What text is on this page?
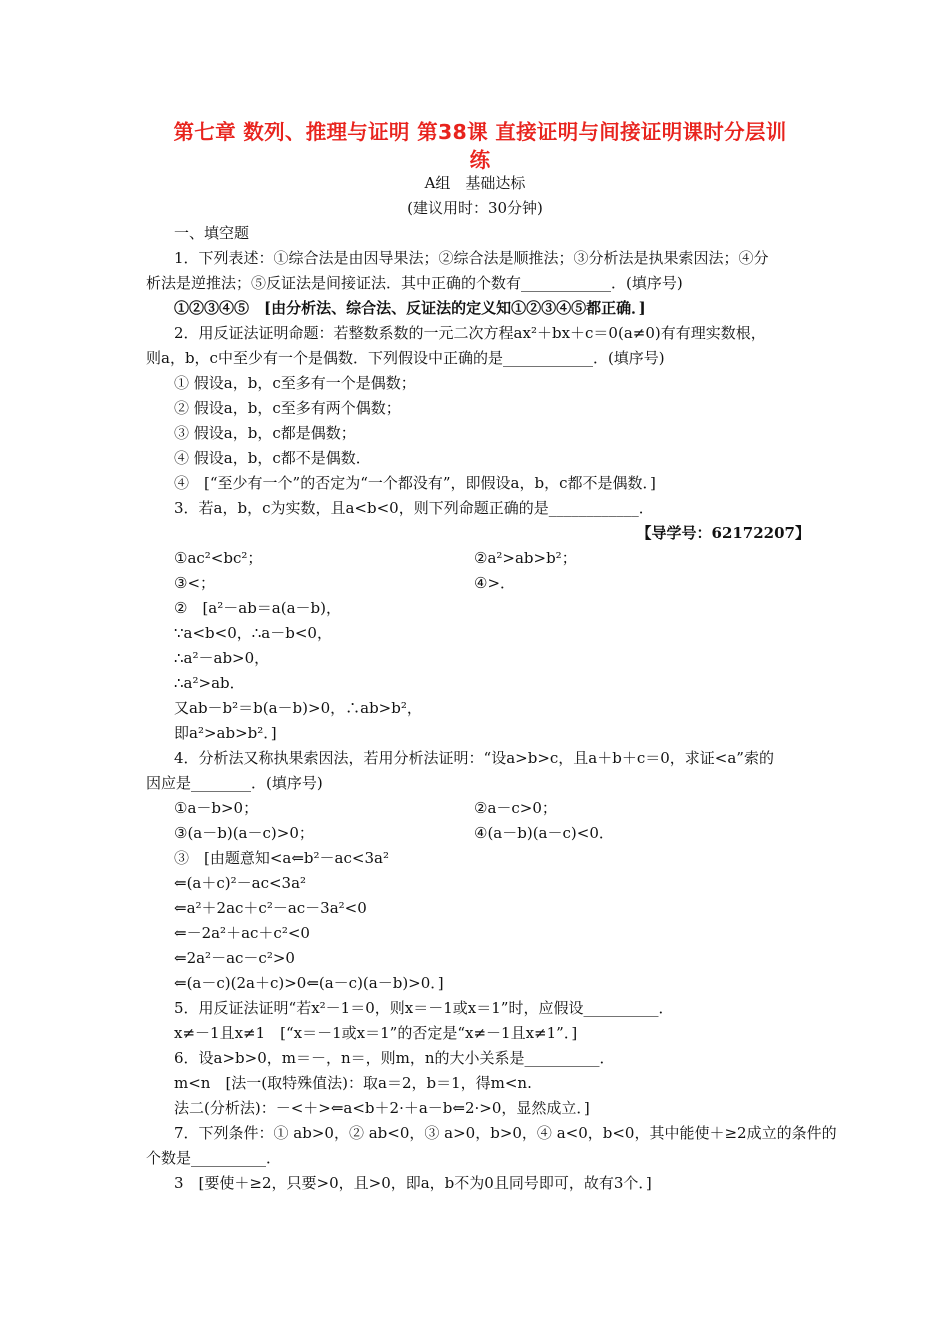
第七章 数列、推理与证明 第38课 直接证明与间接证明课时分层训
练
A组　基础达标
(建议用时：30分钟)
一、填空题
1．下列表述：①综合法是由因导果法；②综合法是顺推法；③分析法是执果索因法；④分
析法是逆推法；⑤反证法是间接证法．其中正确的个数有____________．(填序号)
①②③④⑤　[由分析法、综合法、反证法的定义知①②③④⑤都正确．]
2．用反证法证明命题：若整数系数的一元二次方程ax²＋bx＋c＝0(a≠0)有有理实数根，
则a，b，c中至少有一个是偶数．下列假设中正确的是____________．(填序号)
① 假设a，b，c至多有一个是偶数；
② 假设a，b，c至多有两个偶数；
③ 假设a，b，c都是偶数；
④ 假设a，b，c都不是偶数．
④　[“至少有一个”的否定为“一个都没有”，即假设a，b，c都不是偶数．]
3．若a，b，c为实数，且a<b<0，则下列命题正确的是____________．
【导学号：62172207】
①ac²<bc²；	②a²>ab>b²；
③<；	④>．
②　[a²－ab＝a(a－b)，
∵a<b<0，∴a－b<0，
∴a²－ab>0，
∴a²>ab．
又ab－b²＝b(a－b)>0，∴ab>b²，
即a²>ab>b²．]
4．分析法又称执果索因法，若用分析法证明：“设a>b>c，且a＋b＋c＝0，求证<a”索的
因应是________．(填序号)
①a－b>0；	②a－c>0；
③(a－b)(a－c)>0；	④(a－b)(a－c)<0．
③　[由题意知<a⇐b²－ac<3a²
⇐(a＋c)²－ac<3a²
⇐a²＋2ac＋c²－ac－3a²<0
⇐－2a²＋ac＋c²<0
⇐2a²－ac－c²>0
⇐(a－c)(2a＋c)>0⇐(a－c)(a－b)>0．]
5．用反证法证明“若x²－1＝0，则x＝－1或x＝1”时，应假设__________．
x≠－1且x≠1　[“x＝－1或x＝1”的否定是“x≠－1且x≠1”．]
6．设a>b>0，m＝－，n＝，则m，n的大小关系是__________．
m<n　[法一(取特殊值法)：取a＝2，b＝1，得m<n.
法二(分析法)：－<＋>⇐a<b＋2·＋a－b⇐2·>0，显然成立．]
7．下列条件：① ab>0，② ab<0，③ a>0，b>0，④ a<0，b<0，其中能使＋≥2成立的条件的
个数是__________．
3　[要使＋≥2，只要>0，且>0，即a，b不为0且同号即可，故有3个．]
